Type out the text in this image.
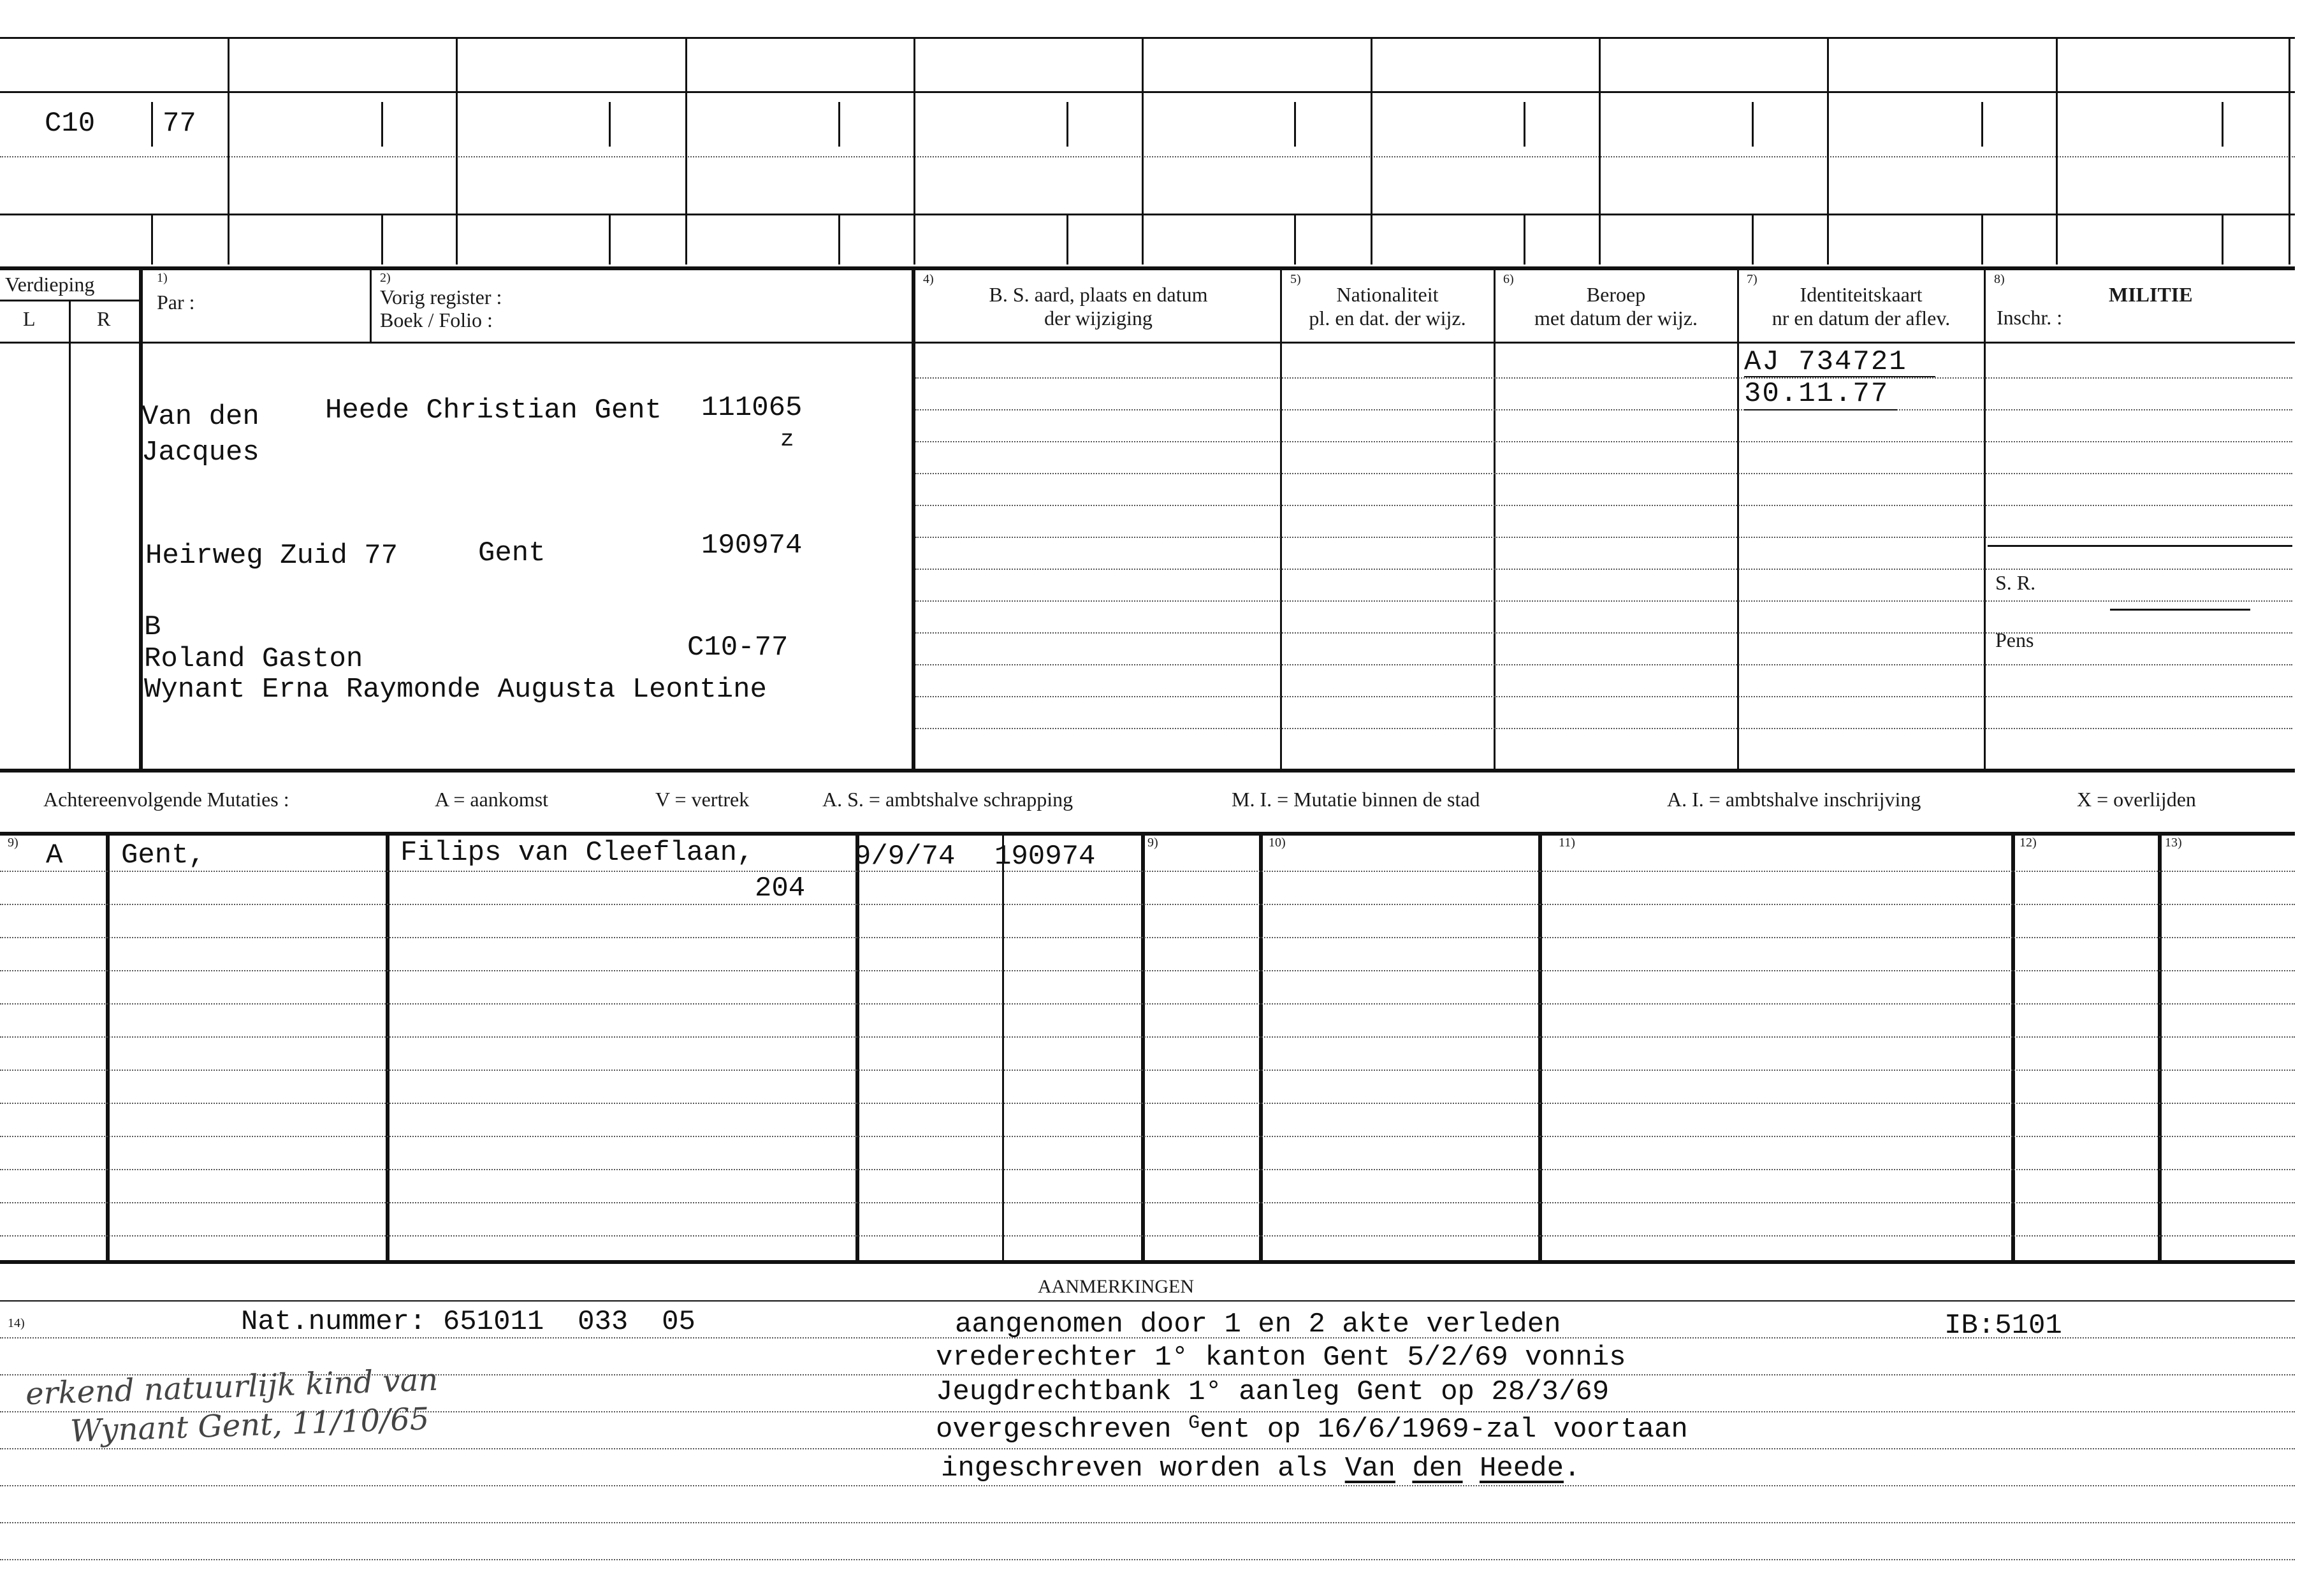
C10 77
Verdieping
L	R
1)
Par :
2)
Vorig register :
Boek / Folio :
4)
B. S. aard, plaats en datum
der wijziging
5)
Nationaliteit
pl. en dat. der wijz.
6)
Beroep
met datum der wijz.
7)
Identiteitskaart
nr en datum der aflev.
8)
MILITIE
Inschr. :
S. R.
Pens
Van den Heede Christian Gent 111065
Jacques	z
Heirweg Zuid 77	Gent	190974
B
Roland Gaston	C10-77
Wynant Erna Raymonde Augusta Leontine
AJ 734721
30.11.77
Achtereenvolgende Mutaties :	A = aankomst	V = vertrek	A. S. = ambtshalve schrapping	M. I. = Mutatie binnen de stad	A. I. = ambtshalve inschrijving	X = overlijden
9)	9)	10)	11)	12)	13)
A Gent,	Filips van Cleeflaan,
204
9/9/74 190974
AANMERKINGEN
14)	Nat.nummer: 651011  033  05	aangenomen door 1 en 2 akte verleden	IB:5101
vrederechter 1° kanton Gent 5/2/69 vonnis
Jeugdrechtbank 1° aanleg Gent op 28/3/69
overgeschreven $^G$ent op 16/6/1969-zal voortaan
ingeschreven worden als Van den Heede.
erkend natuurlijk kind van
Wynant Gent, 11/10/65
